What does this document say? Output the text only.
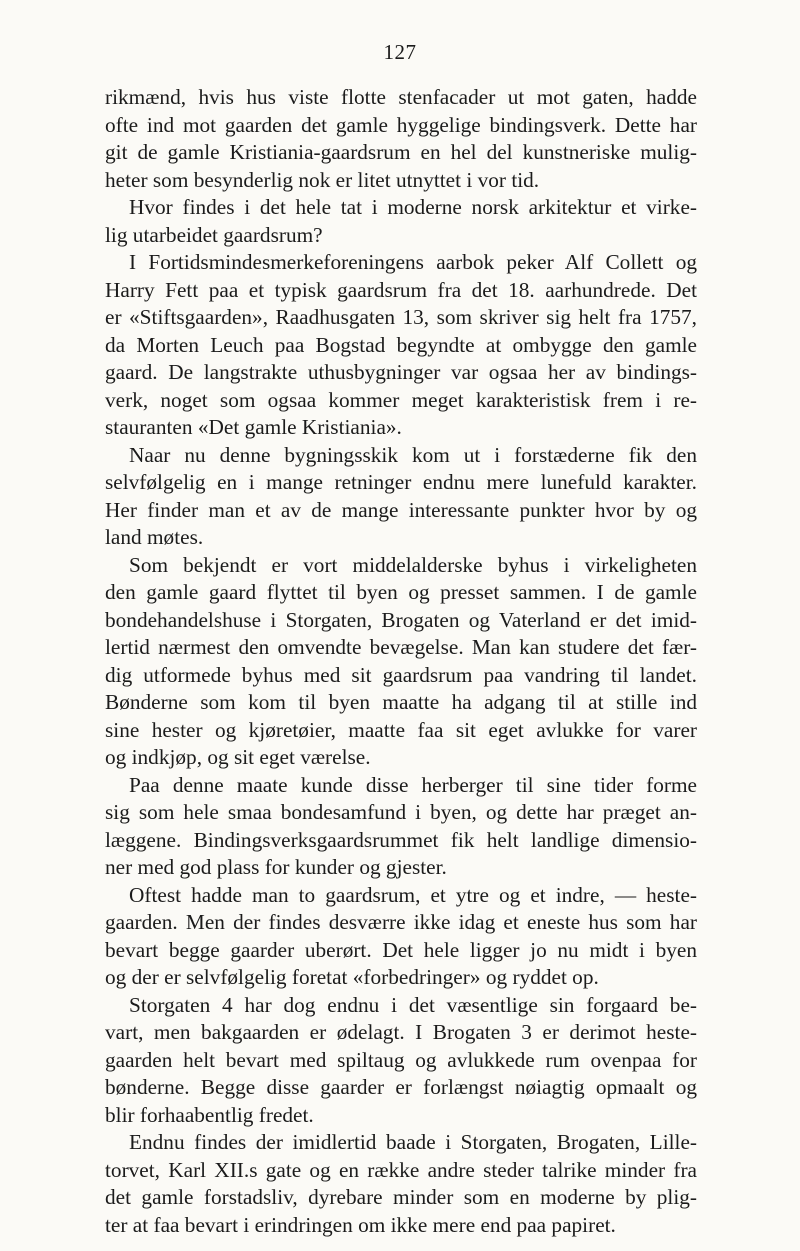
127
rikmænd, hvis hus viste flotte stenfacader ut mot gaten, hadde
ofte ind mot gaarden det gamle hyggelige bindingsverk. Dette har
git de gamle Kristiania-gaardsrum en hel del kunstneriske mulig-
heter som besynderlig nok er litet utnyttet i vor tid.
Hvor findes i det hele tat i moderne norsk arkitektur et virke-
lig utarbeidet gaardsrum?
I Fortidsmindesmerkeforeningens aarbok peker Alf Collett og
Harry Fett paa et typisk gaardsrum fra det 18. aarhundrede. Det
er «Stiftsgaarden», Raadhusgaten 13, som skriver sig helt fra 1757,
da Morten Leuch paa Bogstad begyndte at ombygge den gamle
gaard. De langstrakte uthusbygninger var ogsaa her av bindings-
verk, noget som ogsaa kommer meget karakteristisk frem i re-
stauranten «Det gamle Kristiania».
Naar nu denne bygningsskik kom ut i forstæderne fik den
selvfølgelig en i mange retninger endnu mere lunefuld karakter.
Her finder man et av de mange interessante punkter hvor by og
land møtes.
Som bekjendt er vort middelalderske byhus i virkeligheten
den gamle gaard flyttet til byen og presset sammen. I de gamle
bondehandelshuse i Storgaten, Brogaten og Vaterland er det imid-
lertid nærmest den omvendte bevægelse. Man kan studere det fær-
dig utformede byhus med sit gaardsrum paa vandring til landet.
Bønderne som kom til byen maatte ha adgang til at stille ind
sine hester og kjøretøier, maatte faa sit eget avlukke for varer
og indkjøp, og sit eget værelse.
Paa denne maate kunde disse herberger til sine tider forme
sig som hele smaa bondesamfund i byen, og dette har præget an-
læggene. Bindingsverksgaardsrummet fik helt landlige dimensio-
ner med god plass for kunder og gjester.
Oftest hadde man to gaardsrum, et ytre og et indre, — heste-
gaarden. Men der findes desværre ikke idag et eneste hus som har
bevart begge gaarder uberørt. Det hele ligger jo nu midt i byen
og der er selvfølgelig foretat «forbedringer» og ryddet op.
Storgaten 4 har dog endnu i det væsentlige sin forgaard be-
vart, men bakgaarden er ødelagt. I Brogaten 3 er derimot heste-
gaarden helt bevart med spiltaug og avlukkede rum ovenpaa for
bønderne. Begge disse gaarder er forlængst nøiagtig opmaalt og
blir forhaabentlig fredet.
Endnu findes der imidlertid baade i Storgaten, Brogaten, Lille-
torvet, Karl XII.s gate og en række andre steder talrike minder fra
det gamle forstadsliv, dyrebare minder som en moderne by plig-
ter at faa bevart i erindringen om ikke mere end paa papiret.
